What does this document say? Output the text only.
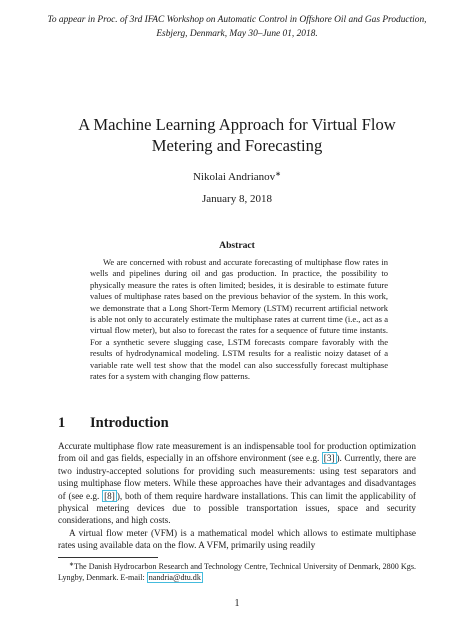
To appear in Proc. of 3rd IFAC Workshop on Automatic Control in Offshore Oil and Gas Production,
Esbjerg, Denmark, May 30–June 01, 2018.
A Machine Learning Approach for Virtual Flow
Metering and Forecasting
Nikolai Andrianov∗
January 8, 2018
Abstract

We are concerned with robust and accurate forecasting of multiphase flow rates in wells and pipelines during oil and gas production. In practice, the possibility to physically measure the rates is often limited; besides, it is desirable to estimate future values of multiphase rates based on the previous behavior of the system. In this work, we demonstrate that a Long Short-Term Memory (LSTM) recurrent artificial network is able not only to accurately estimate the multiphase rates at current time (i.e., act as a virtual flow meter), but also to forecast the rates for a sequence of future time instants. For a synthetic severe slugging case, LSTM forecasts compare favorably with the results of hydrodynamical modeling. LSTM results for a realistic noizy dataset of a variable rate well test show that the model can also successfully forecast multiphase rates for a system with changing flow patterns.

1 Introduction

Accurate multiphase flow rate measurement is an indispensable tool for production optimization from oil and gas fields, especially in an offshore environment (see e.g. [3] ). Currently, there are two industry-accepted solutions for providing such measurements: using test separators and using multiphase flow meters. While these approaches have their advantages and disadvantages of (see e.g. [8] ), both of them require hardware installations. This can limit the applicability of physical metering devices due to possible transportation issues, space and security considerations, and high costs.

A virtual flow meter (VFM) is a mathematical model which allows to estimate multiphase rates using available data on the flow. A VFM, primarily using readily

∗The Danish Hydrocarbon Research and Technology Centre, Technical University of Denmark, 2800 Kgs. Lyngby, Denmark. E-mail: nandria@dtu.dk

1
